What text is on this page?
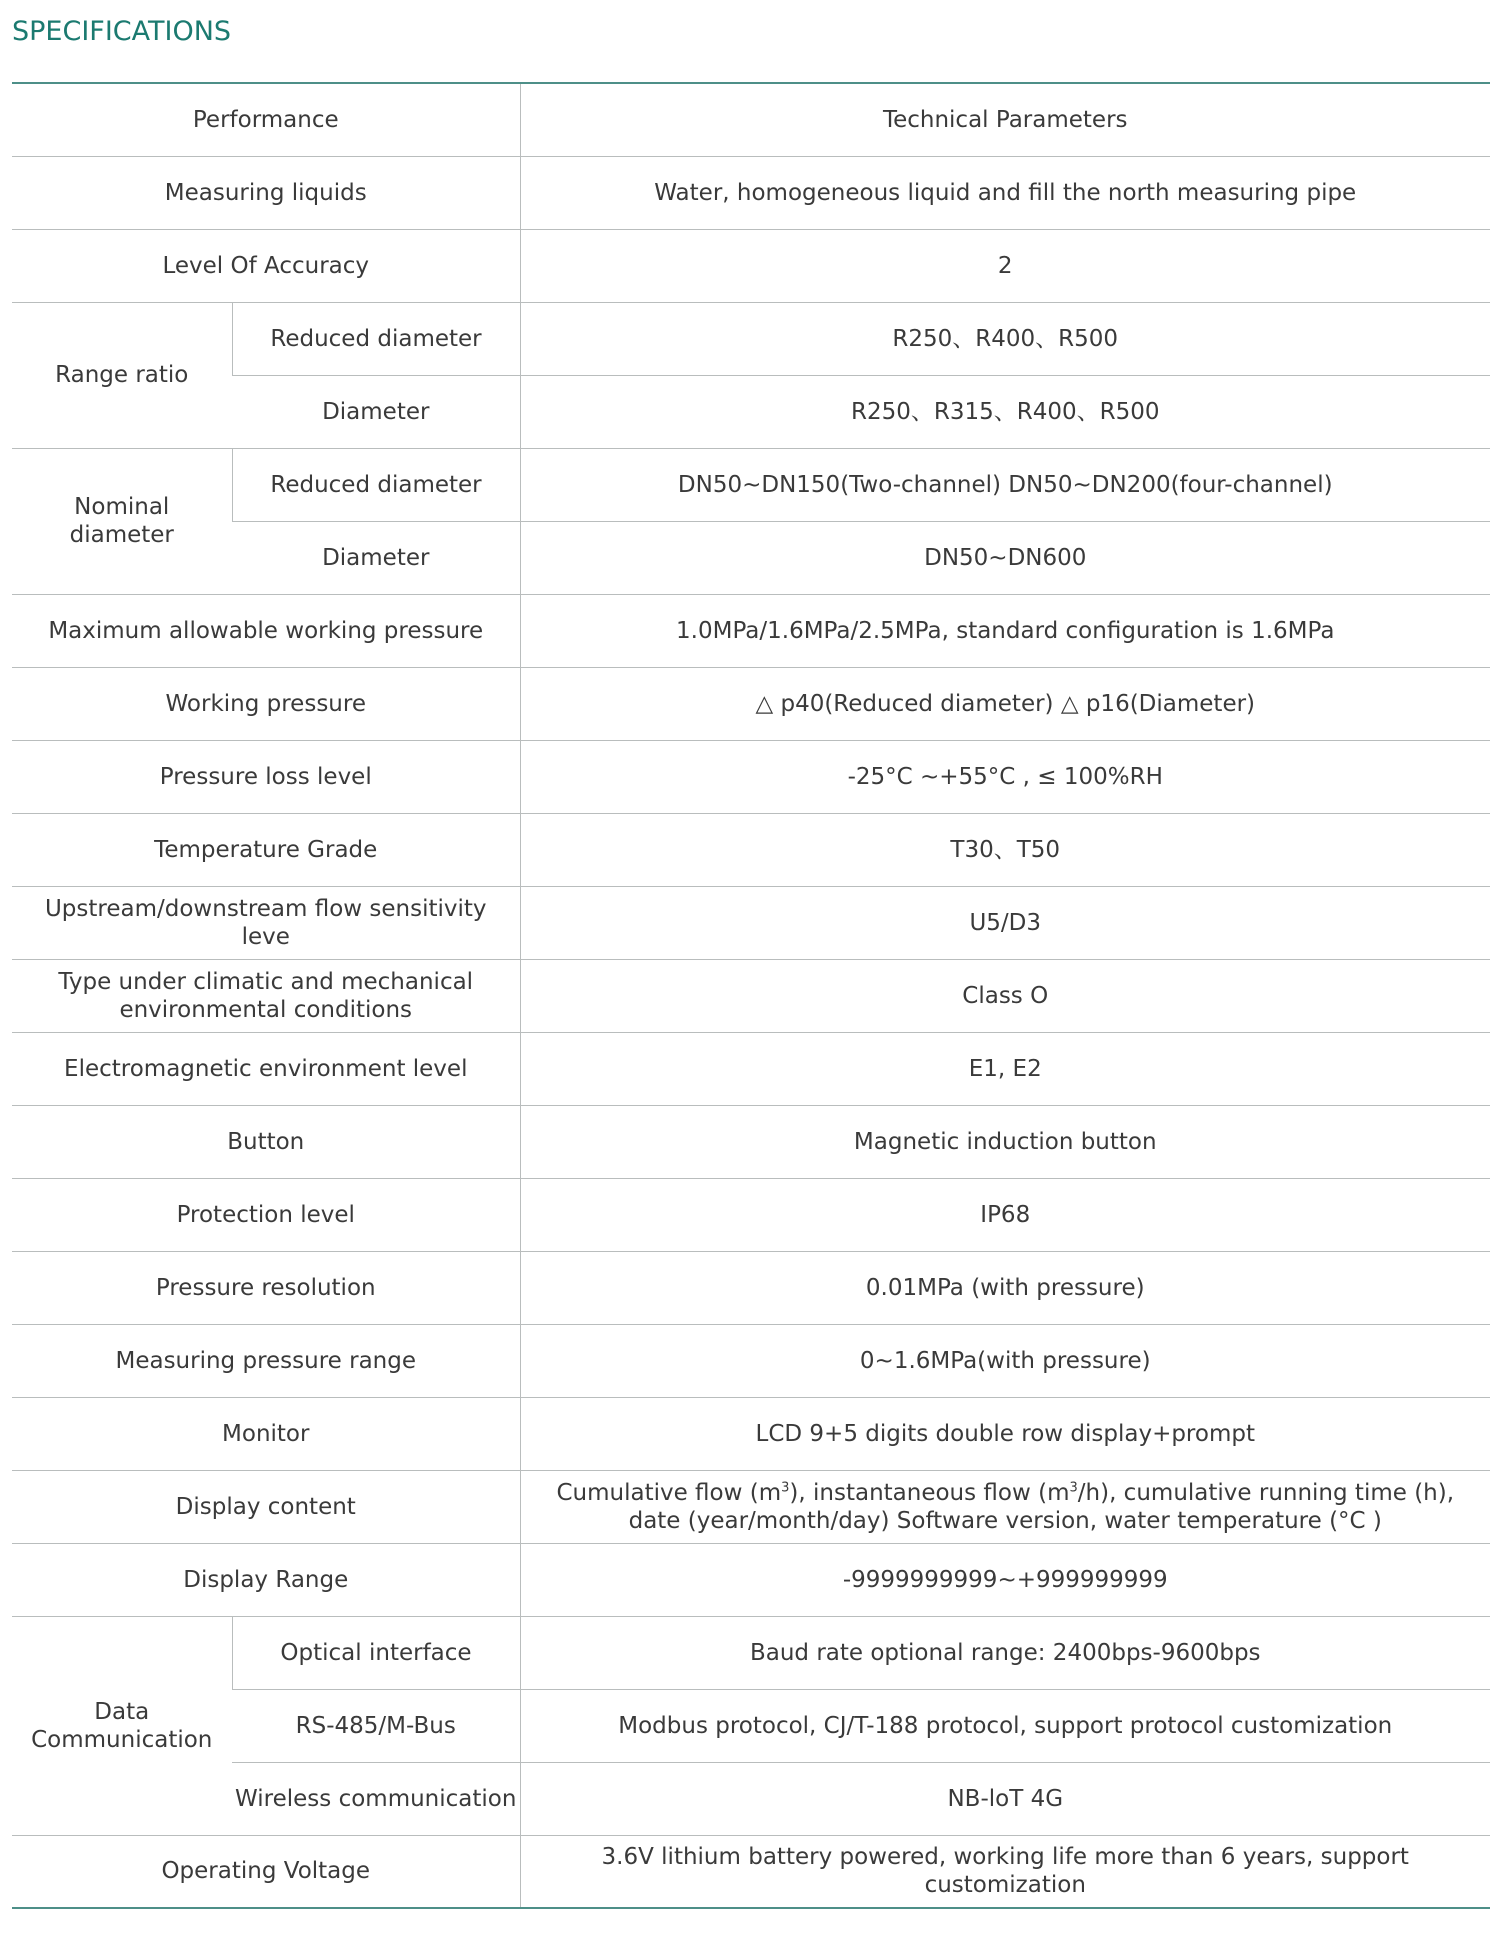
SPECIFICATIONS
Performance		Technical Parameters
Measuring liquids		Water, homogeneous liquid and fill the north measuring pipe
Level Of Accuracy		2
Range ratio	Reduced diameter	R250、R400、R500
	Diameter	R250、R315、R400、R500
Nominal diameter	Reduced diameter	DN50~DN150(Two-channel) DN50~DN200(four-channel)
	Diameter	DN50~DN600
Maximum allowable working pressure		1.0MPa/1.6MPa/2.5MPa, standard configuration is 1.6MPa
Working pressure		△ p40(Reduced diameter) △ p16(Diameter)
Pressure loss level		-25°C ~+55°C , ≤ 100%RH
Temperature Grade		T30、T50
Upstream/downstream flow sensitivity leve		U5/D3
Type under climatic and mechanical environmental conditions		Class O
Electromagnetic environment level		E1, E2
Button		Magnetic induction button
Protection level		IP68
Pressure resolution		0.01MPa (with pressure)
Measuring pressure range		0~1.6MPa(with pressure)
Monitor		LCD 9+5 digits double row display+prompt
Display content		Cumulative flow $(m^3)$, instantaneous flow $(m^3/h)$, cumulative running time (h), date (year/month/day) Software version, water temperature (°C )
Display Range		-9999999999~+999999999
Data Communication	Optical interface	Baud rate optional range: 2400bps-9600bps
	RS-485/M-Bus	Modbus protocol, CJ/T-188 protocol, support protocol customization
	Wireless communication	NB-loT 4G
Operating Voltage		3.6V lithium battery powered, working life more than 6 years, support customization
